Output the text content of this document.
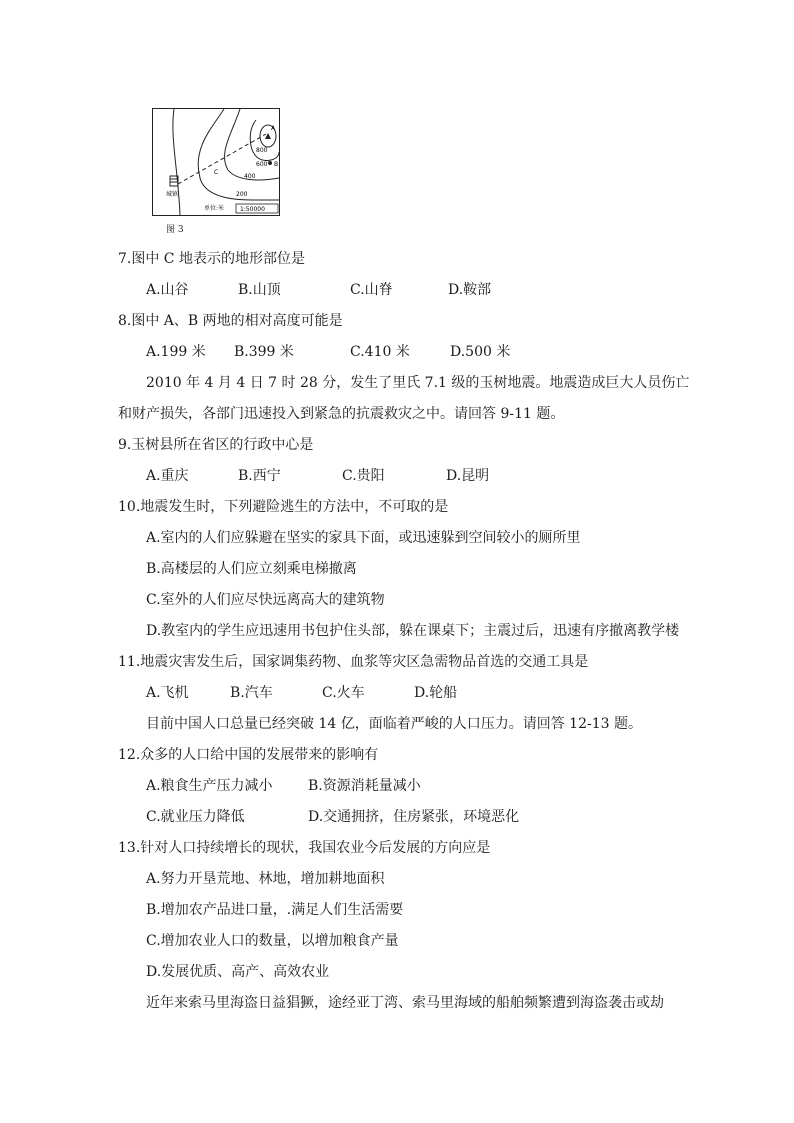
A
B
C
800
600
400
200
城镇
单位:米	1:50000
图 3
7.图中 C 地表示的地形部位是
A.山谷	B.山顶	C.山脊	D.鞍部
8.图中 A、B 两地的相对高度可能是
A.199 米 B.399 米	C.410 米	D.500 米
2010 年 4 月 4 日 7 时 28 分，发生了里氏 7.1 级的玉树地震。地震造成巨大人员伤亡
和财产损失，各部门迅速投入到紧急的抗震救灾之中。请回答 9-11 题。
9.玉树县所在省区的行政中心是
A.重庆	B.西宁	C.贵阳	D.昆明
10.地震发生时，下列避险逃生的方法中，不可取的是
A.室内的人们应躲避在坚实的家具下面，或迅速躲到空间较小的厕所里
B.高楼层的人们应立刻乘电梯撤离
C.室外的人们应尽快远离高大的建筑物
D.教室内的学生应迅速用书包护住头部，躲在课桌下；主震过后，迅速有序撤离教学楼
11.地震灾害发生后，国家调集药物、血浆等灾区急需物品首选的交通工具是
A.飞机	B.汽车	C.火车	D.轮船
目前中国人口总量已经突破 14 亿，面临着严峻的人口压力。请回答 12-13 题。
12.众多的人口给中国的发展带来的影响有
A.粮食生产压力减小	B.资源消耗量减小
C.就业压力降低	D.交通拥挤，住房紧张，环境恶化
13.针对人口持续增长的现状，我国农业今后发展的方向应是
A.努力开垦荒地、林地，增加耕地面积
B.增加农产品进口量，.满足人们生活需要
C.增加农业人口的数量，以增加粮食产量
D.发展优质、高产、高效农业
近年来索马里海盗日益猖獗，途经亚丁湾、索马里海域的船舶频繁遭到海盗袭击或劫
